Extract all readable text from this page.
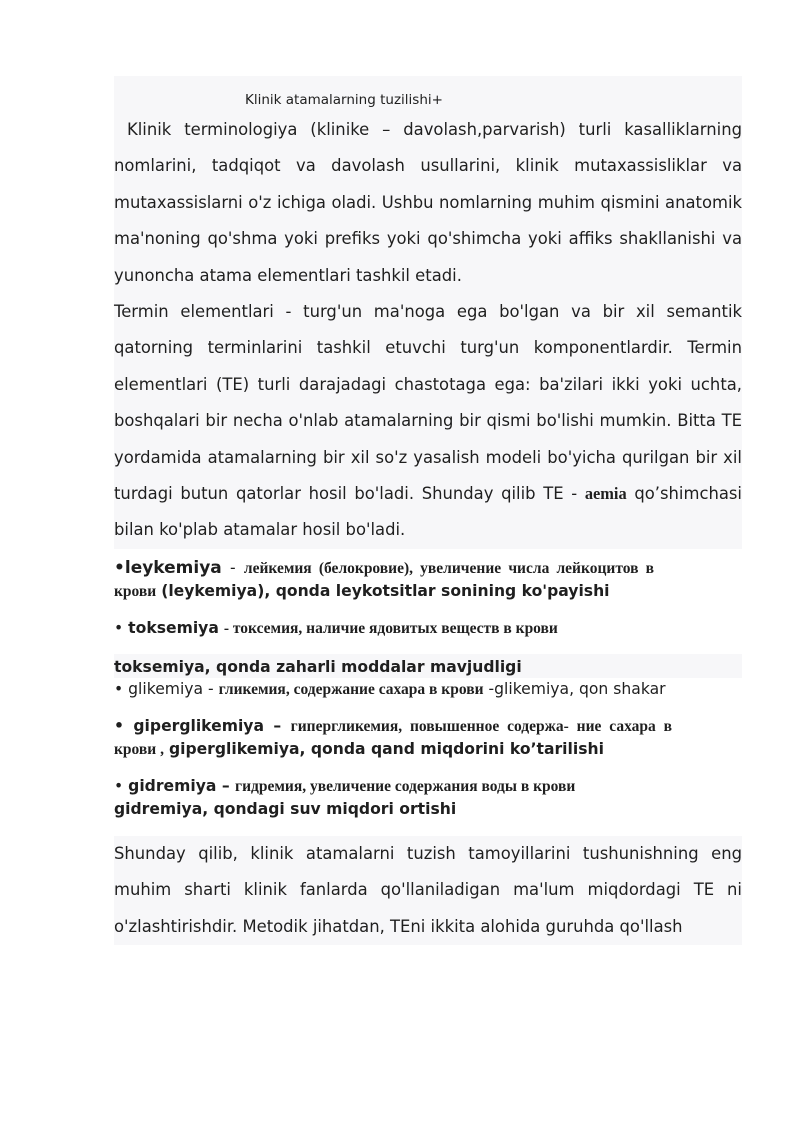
Klinik atamalarning tuzilishi+
Klinik terminologiya (klinike – davolash,parvarish) turli kasalliklarning nomlarini, tadqiqot va davolash usullarini, klinik mutaxassisliklar va mutaxassislarni o'z ichiga oladi. Ushbu nomlarning muhim qismini anatomik ma'noning qo'shma yoki prefiks yoki qo'shimcha yoki affiks shakllanishi va yunoncha atama elementlari tashkil etadi.
Termin elementlari - turg'un ma'noga ega bo'lgan va bir xil semantik qatorning terminlarini tashkil etuvchi turg'un komponentlardir. Termin elementlari (TE) turli darajadagi chastotaga ega: ba'zilari ikki yoki uchta, boshqalari bir necha o'nlab atamalarning bir qismi bo'lishi mumkin. Bitta TE yordamida atamalarning bir xil so'z yasalish modeli bo'yicha qurilgan bir xil turdagi butun qatorlar hosil bo'ladi. Shunday qilib TE - aemia qo’shimchasi bilan ko'plab atamalar hosil bo'ladi.
•leykemiya - лейкемия (белокровие), увеличение числа лейкоцитов в крови (leykemiya), qonda leykotsitlar sonining ko'payishi
• toksemiya - токсемия, наличие ядовитых веществ в крови
toksemiya, qonda zaharli moddalar mavjudligi
• glikemiya - гликемия, содержание сахара в крови -glikemiya, qon shakar
• giperglikemiya – гипергликемия, повышенное содержа- ние сахара в крови , giperglikemiya, qonda qand miqdorini ko’tarilishi
• gidremiya – гидремия, увеличение содержания воды в крови
gidremiya, qondagi suv miqdori ortishi
Shunday qilib, klinik atamalarni tuzish tamoyillarini tushunishning eng muhim sharti klinik fanlarda qo'llaniladigan ma'lum miqdordagi TE ni o'zlashtirishdir. Metodik jihatdan, TEni ikkita alohida guruhda qo'llash
